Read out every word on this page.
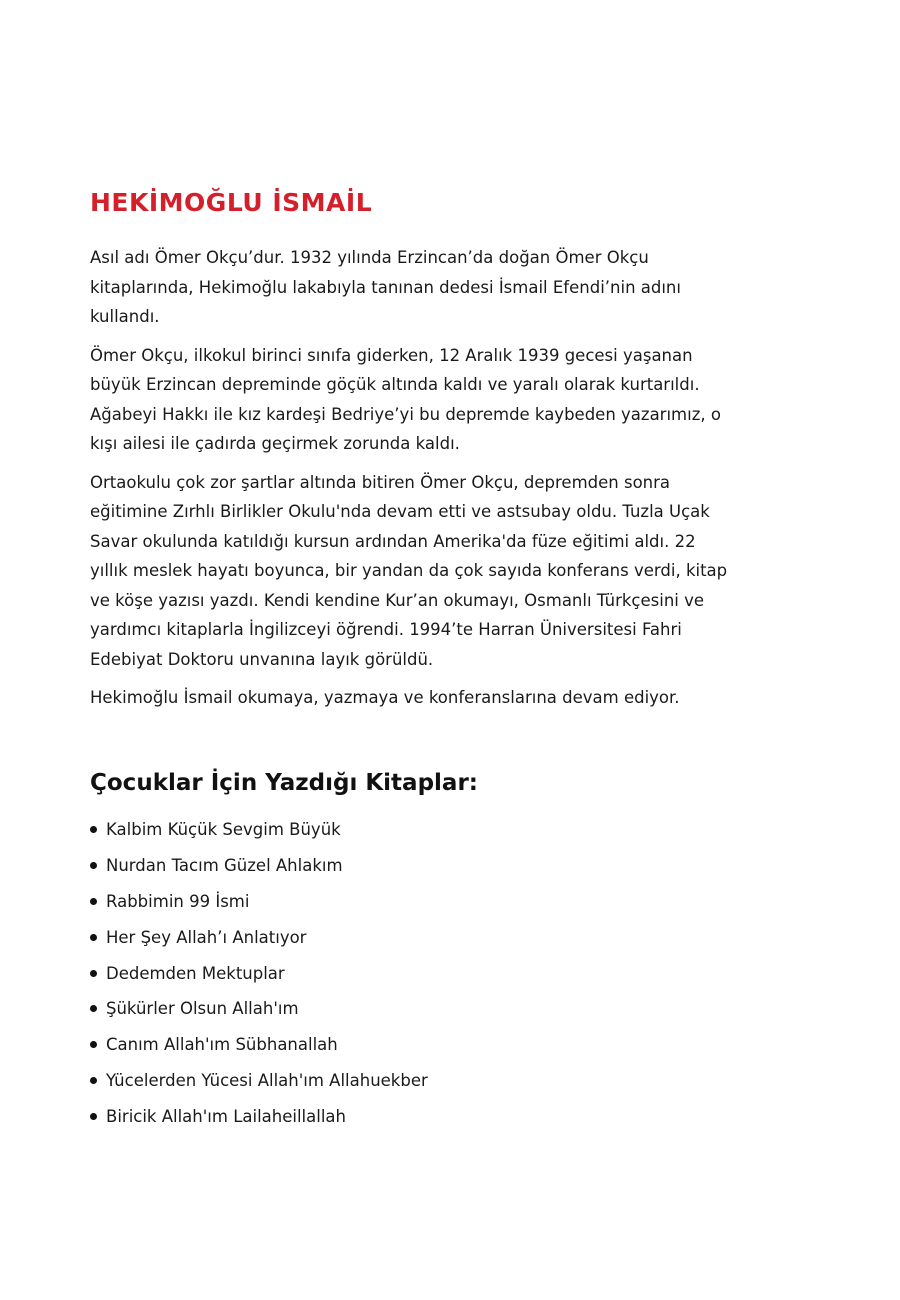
HEKİMOĞLU İSMAİL

Asıl adı Ömer Okçu’dur. 1932 yılında Erzincan’da doğan Ömer Okçu kitaplarında, Hekimoğlu lakabıyla tanınan dedesi İsmail Efendi’nin adını kullandı.

Ömer Okçu, ilkokul birinci sınıfa giderken, 12 Aralık 1939 gecesi yaşanan büyük Erzincan depreminde göçük altında kaldı ve yaralı olarak kurtarıldı. Ağabeyi Hakkı ile kız kardeşi Bedriye’yi bu depremde kaybeden yazarımız, o kışı ailesi ile çadırda geçirmek zorunda kaldı.

Ortaokulu çok zor şartlar altında bitiren Ömer Okçu, depremden sonra eğitimine Zırhlı Birlikler Okulu'nda devam etti ve astsubay oldu. Tuzla Uçak Savar okulunda katıldığı kursun ardından Amerika'da füze eğitimi aldı. 22 yıllık meslek hayatı boyunca, bir yandan da çok sayıda konferans verdi, kitap ve köşe yazısı yazdı. Kendi kendine Kur’an okumayı, Osmanlı Türkçesini ve yardımcı kitaplarla İngilizceyi öğrendi. 1994’te Harran Üniversitesi Fahri Edebiyat Doktoru unvanına layık görüldü.

Hekimoğlu İsmail okumaya, yazmaya ve konferanslarına devam ediyor.

Çocuklar İçin Yazdığı Kitaplar:
Kalbim Küçük Sevgim Büyük
Nurdan Tacım Güzel Ahlakım
Rabbimin 99 İsmi
Her Şey Allah’ı Anlatıyor
Dedemden Mektuplar
Şükürler Olsun Allah'ım
Canım Allah'ım Sübhanallah
Yücelerden Yücesi Allah'ım Allahuekber
Biricik Allah'ım Lailaheillallah
